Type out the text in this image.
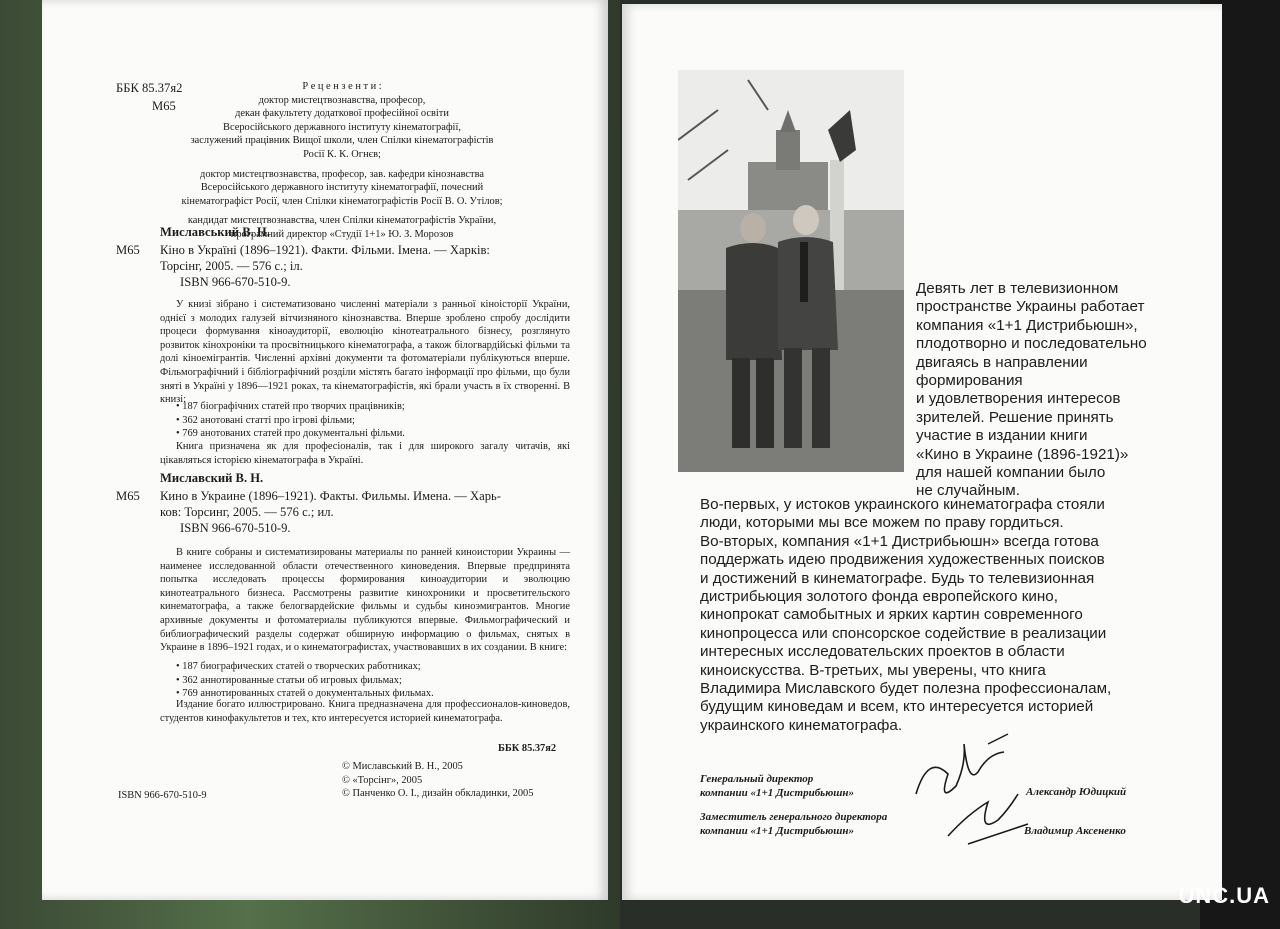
ББК 85.37я2
М65
Р е ц е н з е н т и :
доктор мистецтвознавства, професор,
декан факультету додаткової професійної освіти
Всеросійського державного інституту кінематографії,
заслужений працівник Вищої школи, член Спілки кінематографістів
Росії К. К. Огнєв;
доктор мистецтвознавства, професор, зав. кафедри кінознавства
Всеросійського державного інституту кінематографії, почесний
кінематографіст Росії, член Спілки кінематографістів Росії В. О. Утілов;
кандидат мистецтвознавства, член Спілки кінематографістів України,
програмний директор «Студії 1+1» Ю. З. Морозов
Миславський В. Н.
М65 Кіно в Україні (1896–1921). Факти. Фільми. Імена. — Харків:
Торсінг, 2005. — 576 с.; іл.
ISBN 966-670-510-9.
У книзі зібрано і систематизовано численні матеріали з ранньої кіноісторії України, однієї з молодих галузей вітчизняного кінознавства. Вперше зроблено спробу дослідити процеси формування кіноаудиторії, еволюцію кінотеатрального бізнесу, розглянуто розвиток кінохроніки та просвітницького кінематографа, а також білогвардійські фільми та долі кіноемігрантів. Численні архівні документи та фотоматеріали публікуються вперше. Фільмографічний і бібліографічний розділи містять багато інформації про фільми, що були зняті в Україні у 1896—1921 роках, та кінематографістів, які брали участь в їх створенні. В книзі:
• 187 біографічних статей про творчих працівників;
• 362 анотовані статті про ігрові фільми;
• 769 анотованих статей про документальні фільми.
Книга призначена як для професіоналів, так і для широкого загалу читачів, які цікавляться історією кінематографа в Україні.
Миславский В. Н.
М65 Кино в Украине (1896–1921). Факты. Фильмы. Имена. — Харь-
ков: Торсинг, 2005. — 576 с.; ил.
ISBN 966-670-510-9.
В книге собраны и систематизированы материалы по ранней киноистории Украины — наименее исследованной области отечественного киноведения. Впервые предпринята попытка исследовать процессы формирования киноаудитории и эволюцию кинотеатрального бизнеса. Рассмотрены развитие кинохроники и просветительского кинематографа, а также белогвардейские фильмы и судьбы киноэмигрантов. Многие архивные документы и фотоматериалы публикуются впервые. Фильмографический и библиографический разделы содержат обширную информацию о фильмах, снятых в Украине в 1896–1921 годах, и о кинематографистах, участвовавших в их создании. В книге:
• 187 биографических статей о творческих работниках;
• 362 аннотированные статьи об игровых фильмах;
• 769 аннотированных статей о документальных фильмах.
Издание богато иллюстрировано. Книга предназначена для профессионалов-киноведов, студентов кинофакультетов и тех, кто интересуется историей кинематографа.
ББК 85.37я2
© Миславський В. Н., 2005
© «Торсінг», 2005
© Панченко О. І., дизайн обкладинки, 2005
ISBN 966-670-510-9
Девять лет в телевизионном
пространстве Украины работает
компания «1+1 Дистрибьюшн»,
плодотворно и последовательно
двигаясь в направлении
формирования
и удовлетворения интересов
зрителей. Решение принять
участие в издании книги
«Кино в Украине (1896-1921)»
для нашей компании было
не случайным.
Во-первых, у истоков украинского кинематографа стояли
люди, которыми мы все можем по праву гордиться.
Во-вторых, компания «1+1 Дистрибьюшн» всегда готова
поддержать идею продвижения художественных поисков
и достижений в кинематографе. Будь то телевизионная
дистрибьюция золотого фонда европейского кино,
кинопрокат самобытных и ярких картин современного
кинопроцесса или спонсорское содействие в реализации
интересных исследовательских проектов в области
киноискусства. В-третьих, мы уверены, что книга
Владимира Миславского будет полезна профессионалам,
будущим киноведам и всем, кто интересуется историей
украинского кинематографа.
Генеральный директор
компании «1+1 Дистрибьюшн»	Александр Юдицкий
Заместитель генерального директора
компании «1+1 Дистрибьюшн»	Владимир Аксененко
UNC.UA
